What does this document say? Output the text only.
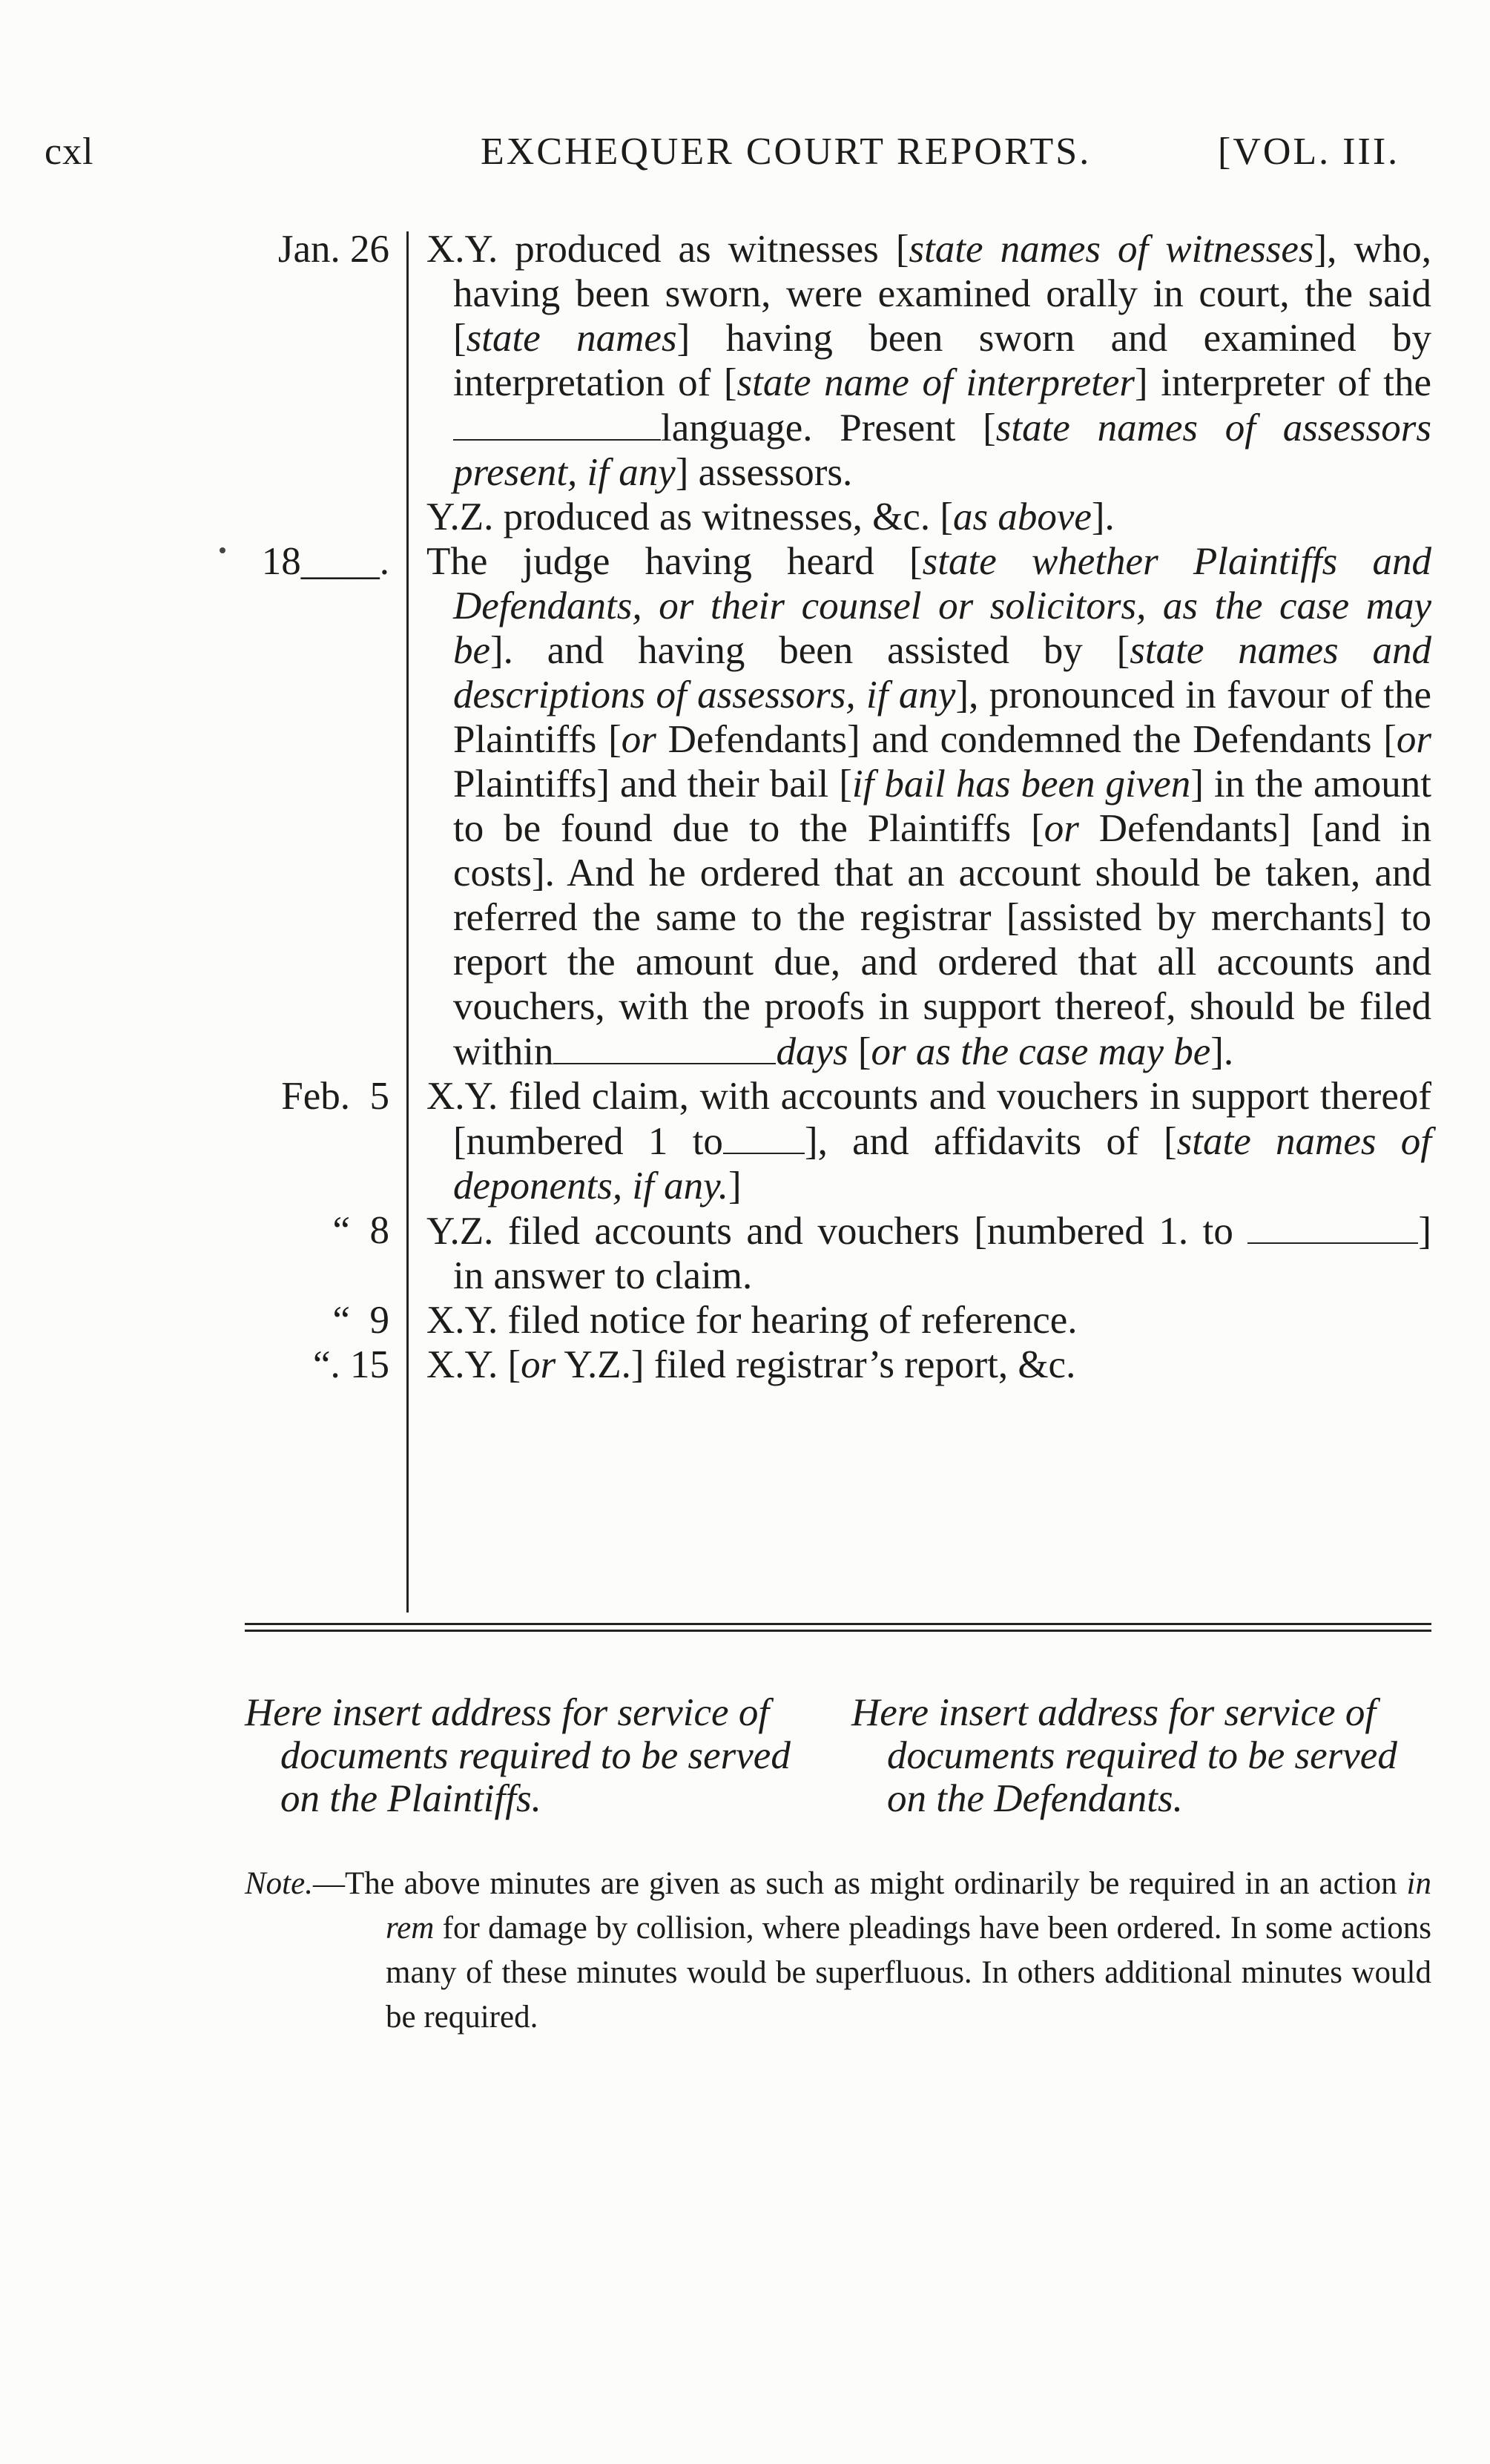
cxl	EXCHEQUER COURT REPORTS.	[VOL. III.
Jan. 26 X.Y. produced as witnesses [state names of witnesses], who, having been sworn, were examined orally in court, the said [state names] having been sworn and examined by interpretation of [state name of interpreter] interpreter of thelanguage. Present [state names of assessors present, if any] assessors.

Y.Z. produced as witnesses, &c. [as above].

18____. The judge having heard [state whether Plaintiffs and Defendants, or their counsel or solicitors, as the case may be]. and having been assisted by [state names and descriptions of assessors, if any], pronounced in favour of the Plaintiffs [or Defendants] and condemned the Defendants [or Plaintiffs] and their bail [if bail has been given] in the amount to be found due to the Plaintiffs [or Defendants] [and in costs]. And he ordered that an account should be taken, and referred the same to the registrar [assisted by merchants] to report the amount due, and ordered that all accounts and vouchers, with the proofs in support thereof, should be filed within	days [or as the case may be].

Feb.  5 X.Y. filed claim, with accounts and vouchers in support thereof [numbered 1 to ], and affidavits of [state names of deponents, if any.]

“  8 Y.Z. filed accounts and vouchers [numbered 1. to	] in answer to claim.

“  9 X.Y. filed notice for hearing of reference.

“. 15 X.Y. [or Y.Z.] filed registrar’s report, &c.

Here insert address for service of documents required to be served on the Plaintiffs.

Here insert address for service of documents required to be served on the Defendants.

Note.—The above minutes are given as such as might ordinarily be required in an action in rem for damage by collision, where pleadings have been ordered. In some actions many of these minutes would be superfluous. In others additional minutes would be required.
